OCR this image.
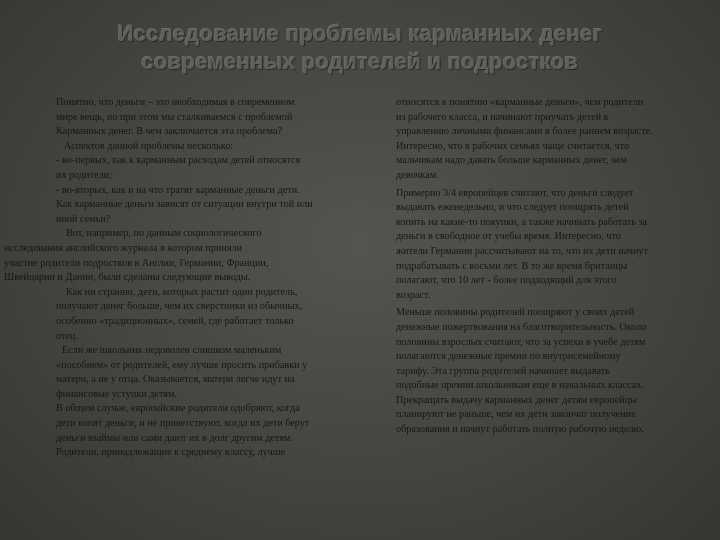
Исследование проблемы карманных денег
современных родителей и подростков

Понятно, что деньги – это необходимая в современном

мире вещь, но при этом мы сталкиваемся с проблемой

Карманных денег. В чем заключается эта проблема?

Аспектов данной проблемы несколько:

- во-первых, как к карманным расходам детей относятся

их родители;

- во-вторых, как и на что тратят карманные деньги дети.

Как карманные деньги зависят от ситуации внутри той или

иной семьи?

Вот, например, по данным социологического

исследования английского журнала в котором приняли

участие родители подростков в Англии, Германии, Франции,

Швейцарии и Дании, были сделаны следующие выводы.

Как ни странно, дети, которых растит один родитель,

получают денег больше, чем их сверстники из обычных,

особенно «традиционных», семей, где работает только

отец.

Если же школьник недоволен слишком маленьким

«пособием» от родителей, ему лучше просить прибавки у

матери, а не у отца. Оказывается, матери легче идут на

финансовые уступки детям.

В общем случае, европейские родители одобряют, когда

дети копят деньги, и не приветствуют, когда их дети берут

деньги взаймы или сами дают их в долг другим детям.

Родители, принадлежащие к среднему классу, лучше

относятся к понятию «карманные деньги», чем родители

из рабочего класса, и начинают приучать детей к

управлению личными финансами в более раннем возрасте.

Интересно, что в рабочих семьях чаще считается, что

мальчикам надо давать больше карманных денег, чем

девочкам.

Примерно 3/4 европейцев считают, что деньги следует

выдавать еженедельно, и что следует поощрять детей

копить на какие-то покупки, а также начинать работать за

деньги в свободное от учебы время. Интересно, что

жители Германии рассчитывают на то, что их дети начнут

подрабатывать с восьми лет. В то же время британцы

полагают, что 10 лет - более подходящий для этого

возраст.

Меньше половины родителей поощряют у своих детей

денежные пожертвования на благотворительность. Около

половины взрослых считают, что за успехи в учебе детям

полагаются денежные премии по внутрисемейному

тарифу. Эта группа родителей начинает выдавать

подобные премии школьникам еще в начальных классах.

Прекращать выдачу карманных денег детям европейцы

планируют не раньше, чем их дети закончат получение

образования и начнут работать полную рабочую неделю.
